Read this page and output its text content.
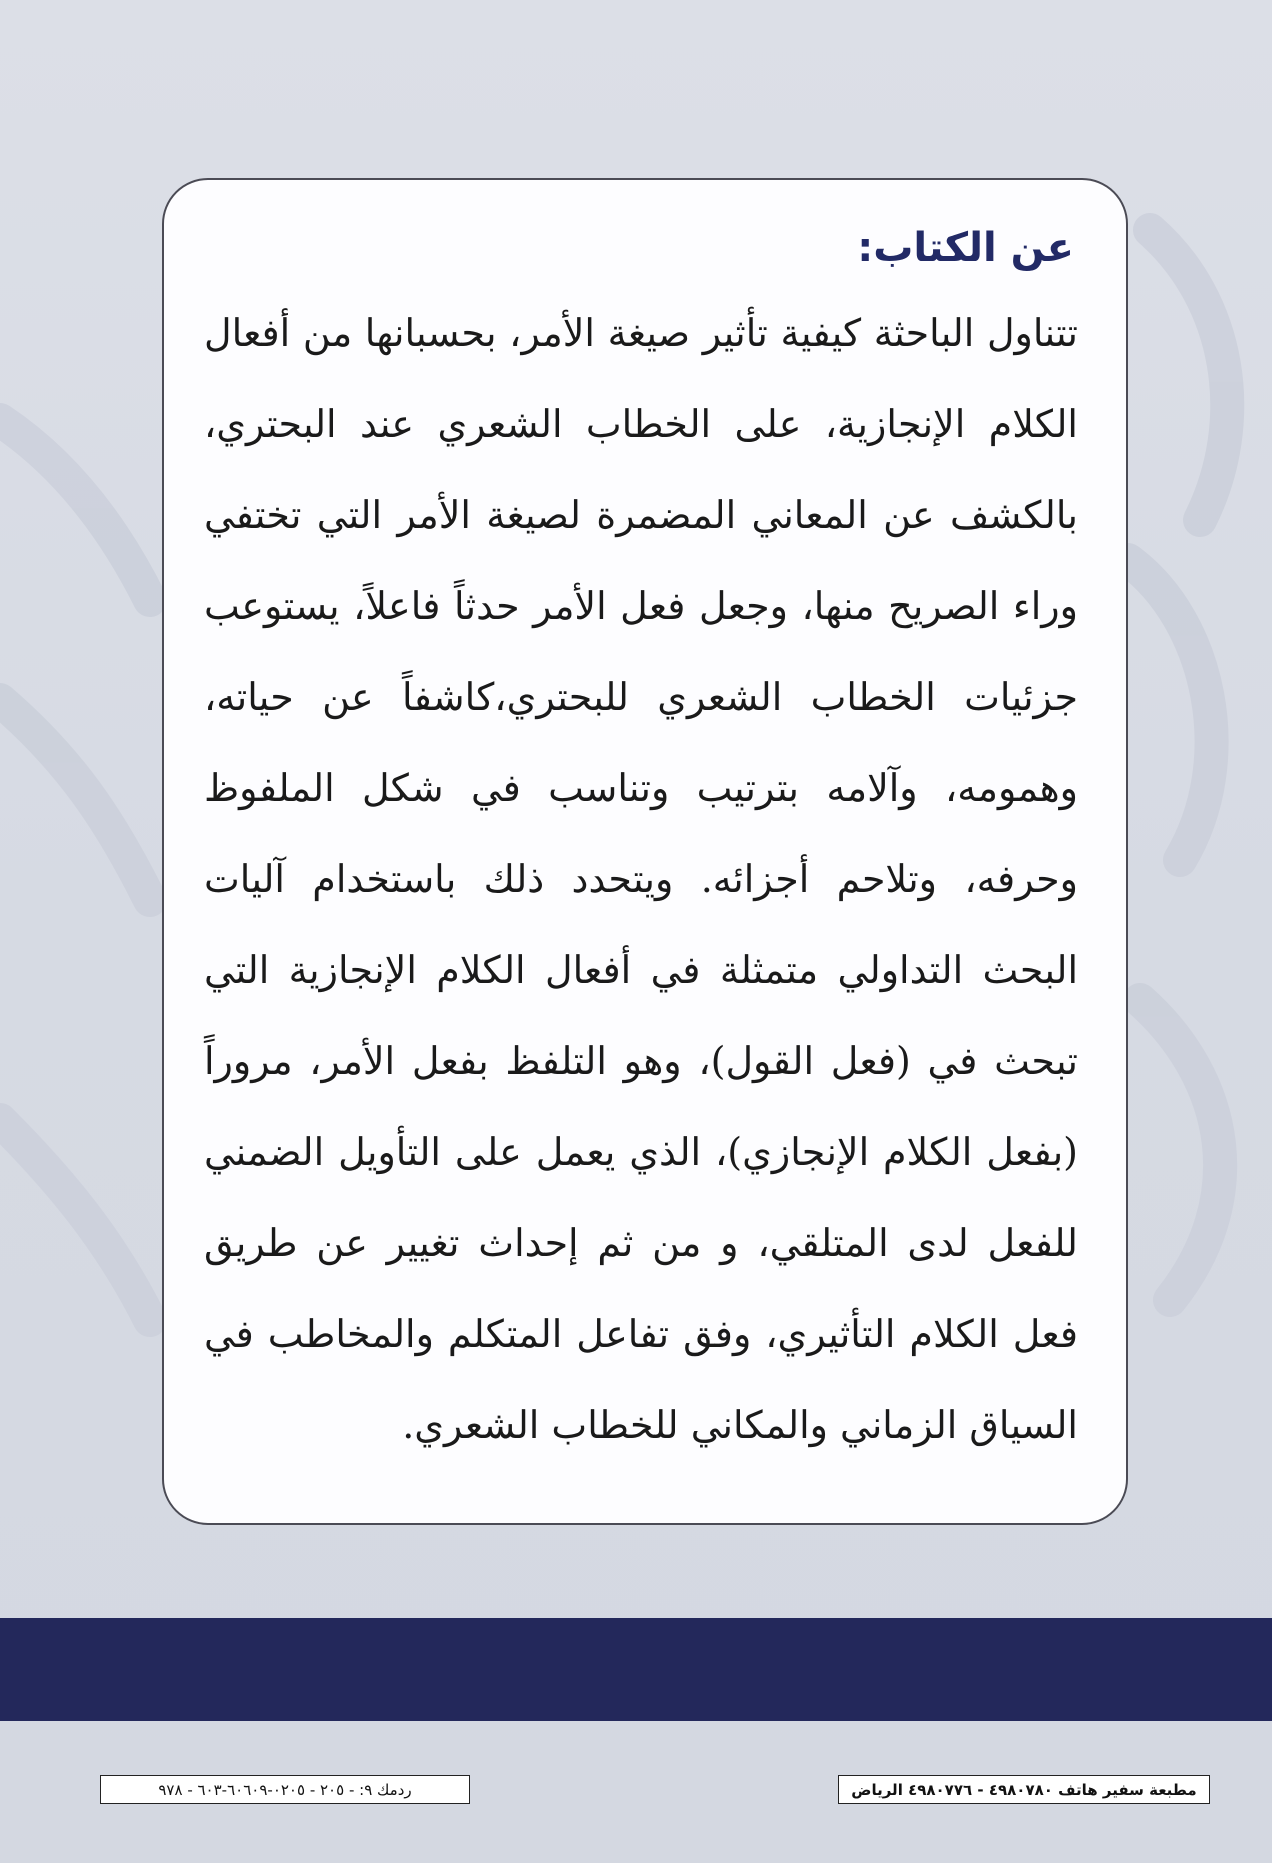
عن الكتاب:

تتناول الباحثة كيفية تأثير صيغة الأمر، بحسبانها من أفعال الكلام الإنجازية، على الخطاب الشعري عند البحتري، بالكشف عن المعاني المضمرة لصيغة الأمر التي تختفي وراء الصريح منها، وجعل فعل الأمر حدثاً فاعلاً، يستوعب جزئيات الخطاب الشعري للبحتري،كاشفاً عن حياته، وهمومه، وآلامه بترتيب وتناسب في شكل الملفوظ وحرفه، وتلاحم أجزائه. ويتحدد ذلك باستخدام آليات البحث التداولي متمثلة في أفعال الكلام الإنجازية التي تبحث في (فعل القول)، وهو التلفظ بفعل الأمر، مروراً (بفعل الكلام الإنجازي)، الذي يعمل على التأويل الضمني للفعل لدى المتلقي، و من ثم إحداث تغيير عن طريق فعل الكلام التأثيري، وفق تفاعل المتكلم والمخاطب في السياق الزماني والمكاني للخطاب الشعري.

ردمك ٩: - ٢٠٥ - ٠٢٠٥-٦٠٦٠٩-٦٠٣ - ٩٧٨	مطبعة سفير هاتف ٤٩٨٠٧٨٠ - ٤٩٨٠٧٧٦ الرياض
